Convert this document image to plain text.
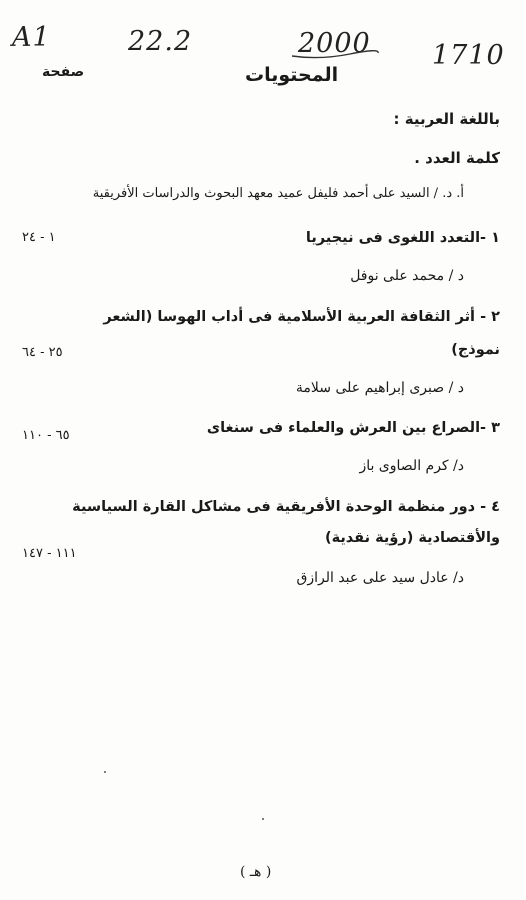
A1	22.2	2000 1710
المحتويات
صفحة
باللغة العربية :
كلمة العدد .
أ. د. / السيد على أحمد فليفل عميد معهد البحوث والدراسات الأفريقية
١ -التعدد اللغوى فى نيجيريا
١ - ٢٤
د / محمد على نوفل
٢ - أثر الثقافة العربية الأسلامية فى أداب الهوسا (الشعر
نموذج)
٢٥ - ٦٤
د / صبرى إبراهيم على سلامة
٣ -الصراع بين العرش والعلماء فى سنغاى
٦٥ - ١١٠
د/ كرم الصاوى باز
٤ - دور منظمة الوحدة الأفريقية فى مشاكل القارة السياسية
والأقتصادية (رؤية نقدية)
١١١ - ١٤٧
د/ عادل سيد على عبد الرازق
( هـ )
